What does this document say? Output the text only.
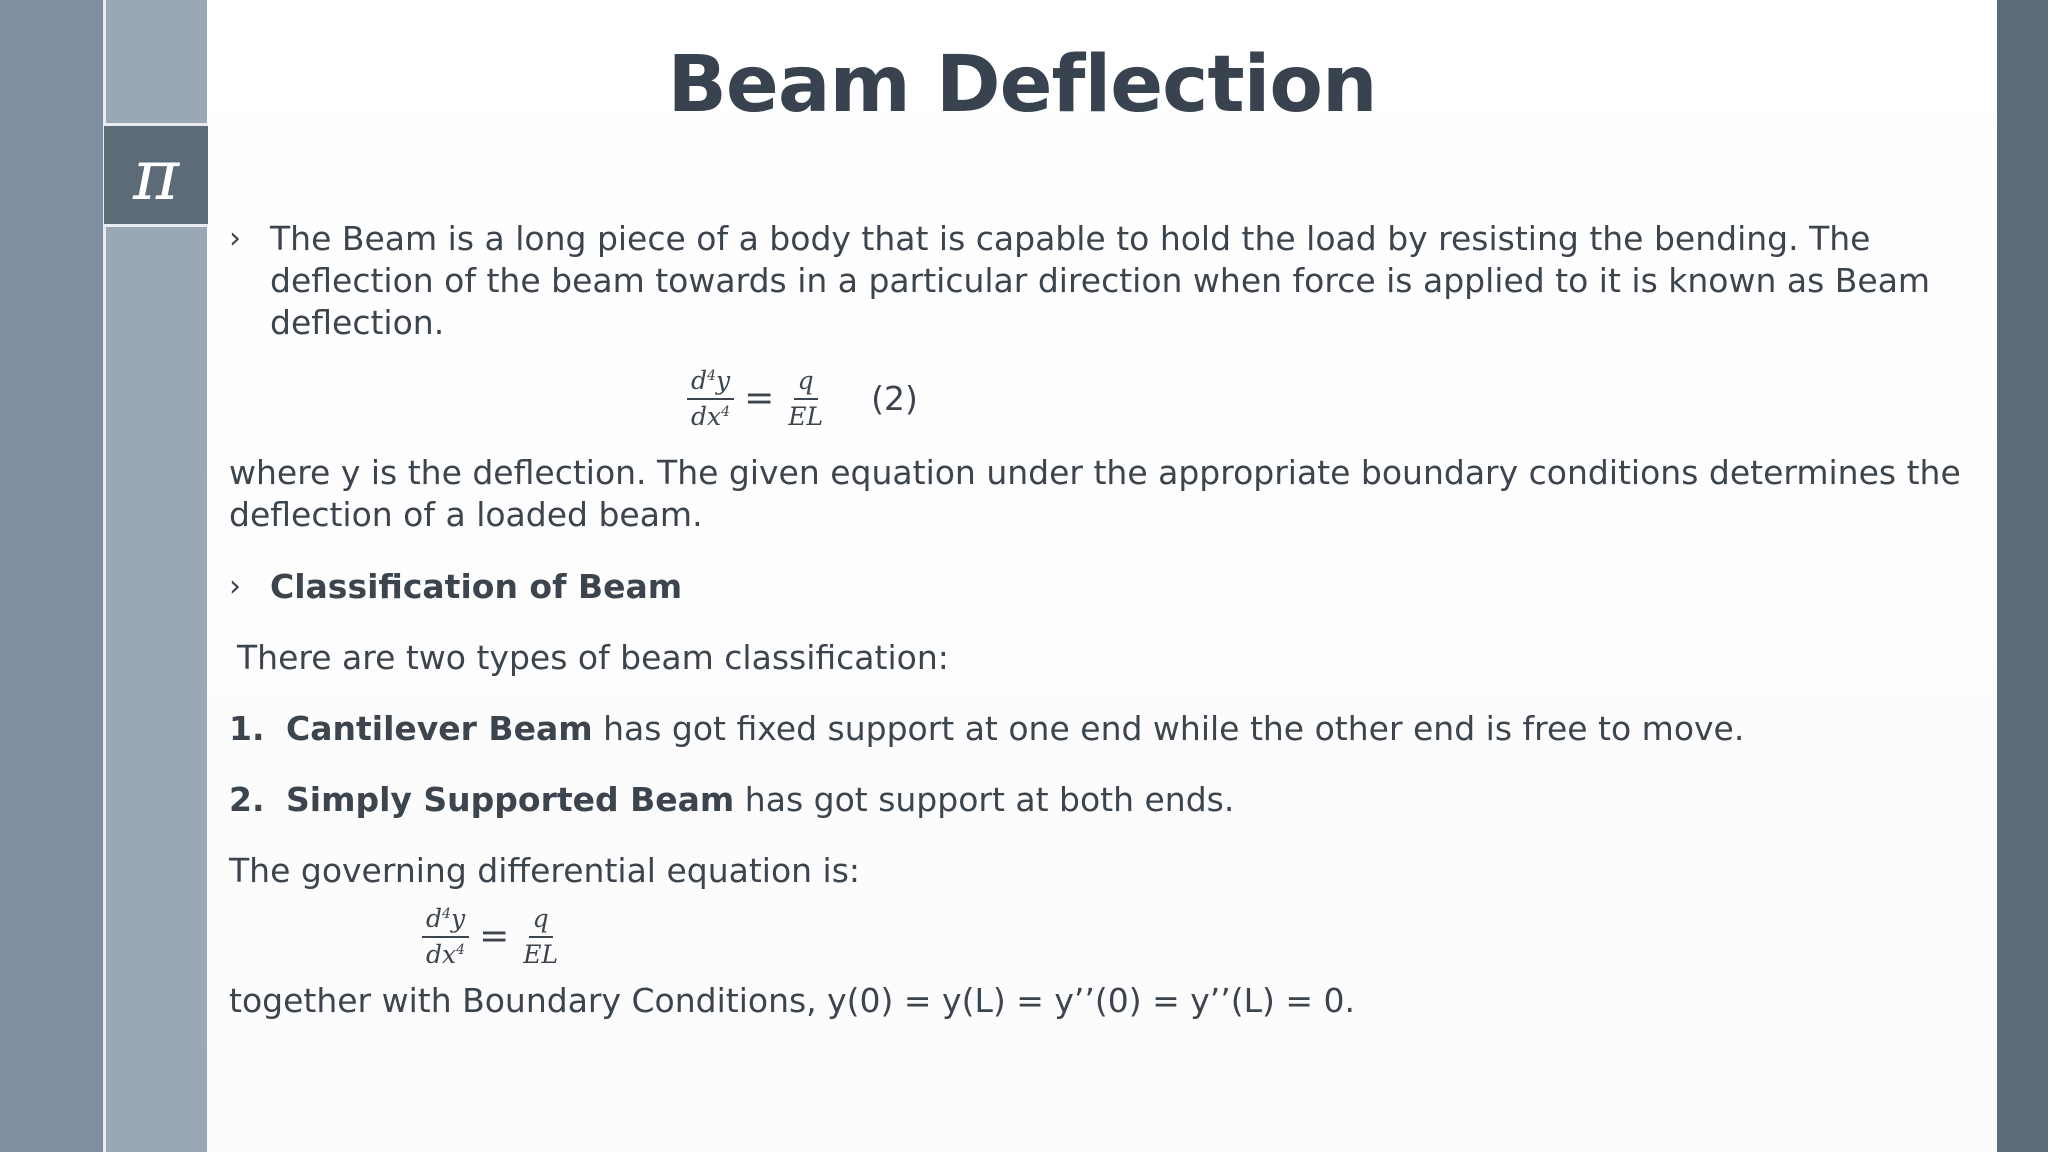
π
Beam Deflection
› The Beam is a long piece of a body that is capable to hold the load by resisting the bending. The deflection of the beam towards in a particular direction when force is applied to it is known as Beam deflection.
$\frac{d^4y}{dx^4} = \frac{q}{EL} (2)$
where y is the deflection. The given equation under the appropriate boundary conditions determines the deflection of a loaded beam.
› Classification of Beam
There are two types of beam classification:
1. Cantilever Beam has got fixed support at one end while the other end is free to move.
2. Simply Supported Beam has got support at both ends.
The governing differential equation is:
$\frac{d^4y}{dx^4} = \frac{q}{EL}$
together with Boundary Conditions, y(0) = y(L) = y’’(0) = y’’(L) = 0.
